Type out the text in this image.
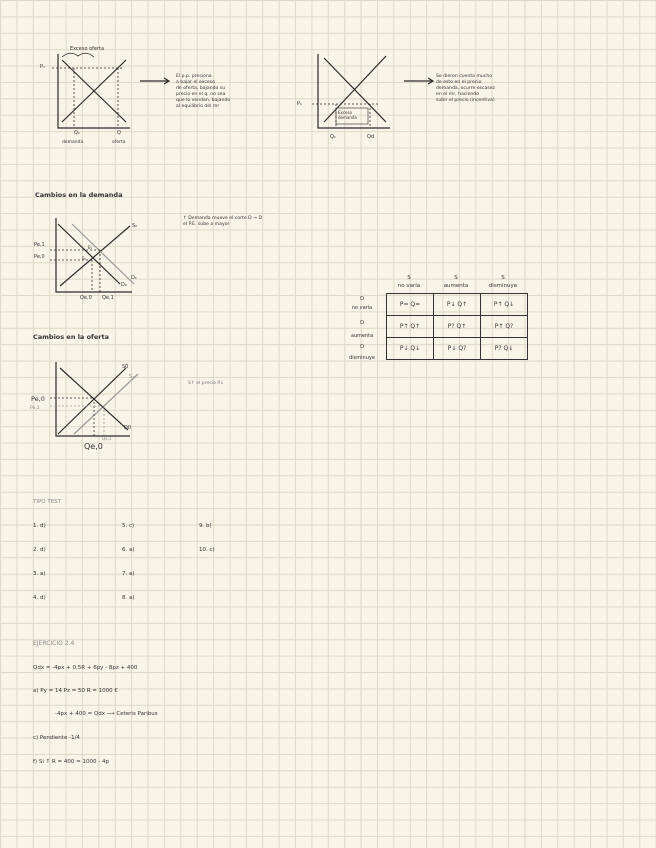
Exceso oferta
P₁
Q₁
demanda
Q
oferta
El p.p. presiona
a bajar el exceso
de oferta, bajando su
precio en el q. no sea
que lo vendan, bajando
al equilibrio del mr	P₁
Exceso
demanda
Q₁	Qd
Se dieron cuenta mucho
de esto en el precio
demanda, ocurre escasez
en el mr, haciendo
subir el precio (incentiva)
Cambios en la demanda
S₀
Pe,1
Pe,0
E₁
E₀
D₁
D₀
Qe,0 Qe,1
↑ Demanda mueve el corte D → D
el P.E. sube a mayor
S	S	S
no varía	aumenta	disminuye
D
no varía
D
aumenta
D
disminuye
P= Q=	P↓ Q↑	P↑ Q↓
P↑ Q↑	P? Q↑	P↑ Q?
P↓ Q↓	P↓ Q?	P? Q↓
Cambios en la oferta
S0
S₁
Pe,0
Pe,1
D0
Qe,1
Qe,0
S↑ el precio P↓
TIPO TEST
1. d)
2. d)
3. a)
4. d)
5. c)
6. a)
7. a)
8. a)
9. b)
10. c)
EJERCICIO 2.4
Qdx = -4px + 0,5R + 6py - 8pz + 400
a) Py = 14 Pz = 50 R = 1000 €
-4px + 400 = Qdx ⟶ Ceteris Paribus
c) Pendiente -1/4
f) Si ↑ R = 400 = 1000 - 4p
